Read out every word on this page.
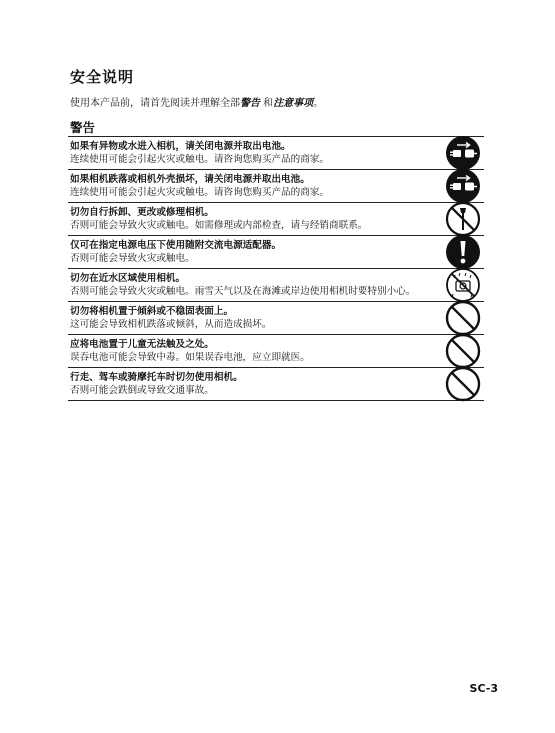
安全说明
使用本产品前，请首先阅读并理解全部警告 和注意事项。
警告
如果有异物或水进入相机，请关闭电源并取出电池。
连续使用可能会引起火灾或触电。请咨询您购买产品的商家。
如果相机跌落或相机外壳损坏，请关闭电源并取出电池。
连续使用可能会引起火灾或触电。请咨询您购买产品的商家。
切勿自行拆卸、更改或修理相机。
否则可能会导致火灾或触电。如需修理或内部检查，请与经销商联系。
仅可在指定电源电压下使用随附交流电源适配器。
否则可能会导致火灾或触电。
切勿在近水区域使用相机。
否则可能会导致火灾或触电。雨雪天气以及在海滩或岸边使用相机时要特别小心。
切勿将相机置于倾斜或不稳固表面上。
这可能会导致相机跌落或倾斜，从而造成损坏。
应将电池置于儿童无法触及之处。
误吞电池可能会导致中毒。如果误吞电池，应立即就医。
行走、驾车或骑摩托车时切勿使用相机。
否则可能会跌倒或导致交通事故。
SC-3
